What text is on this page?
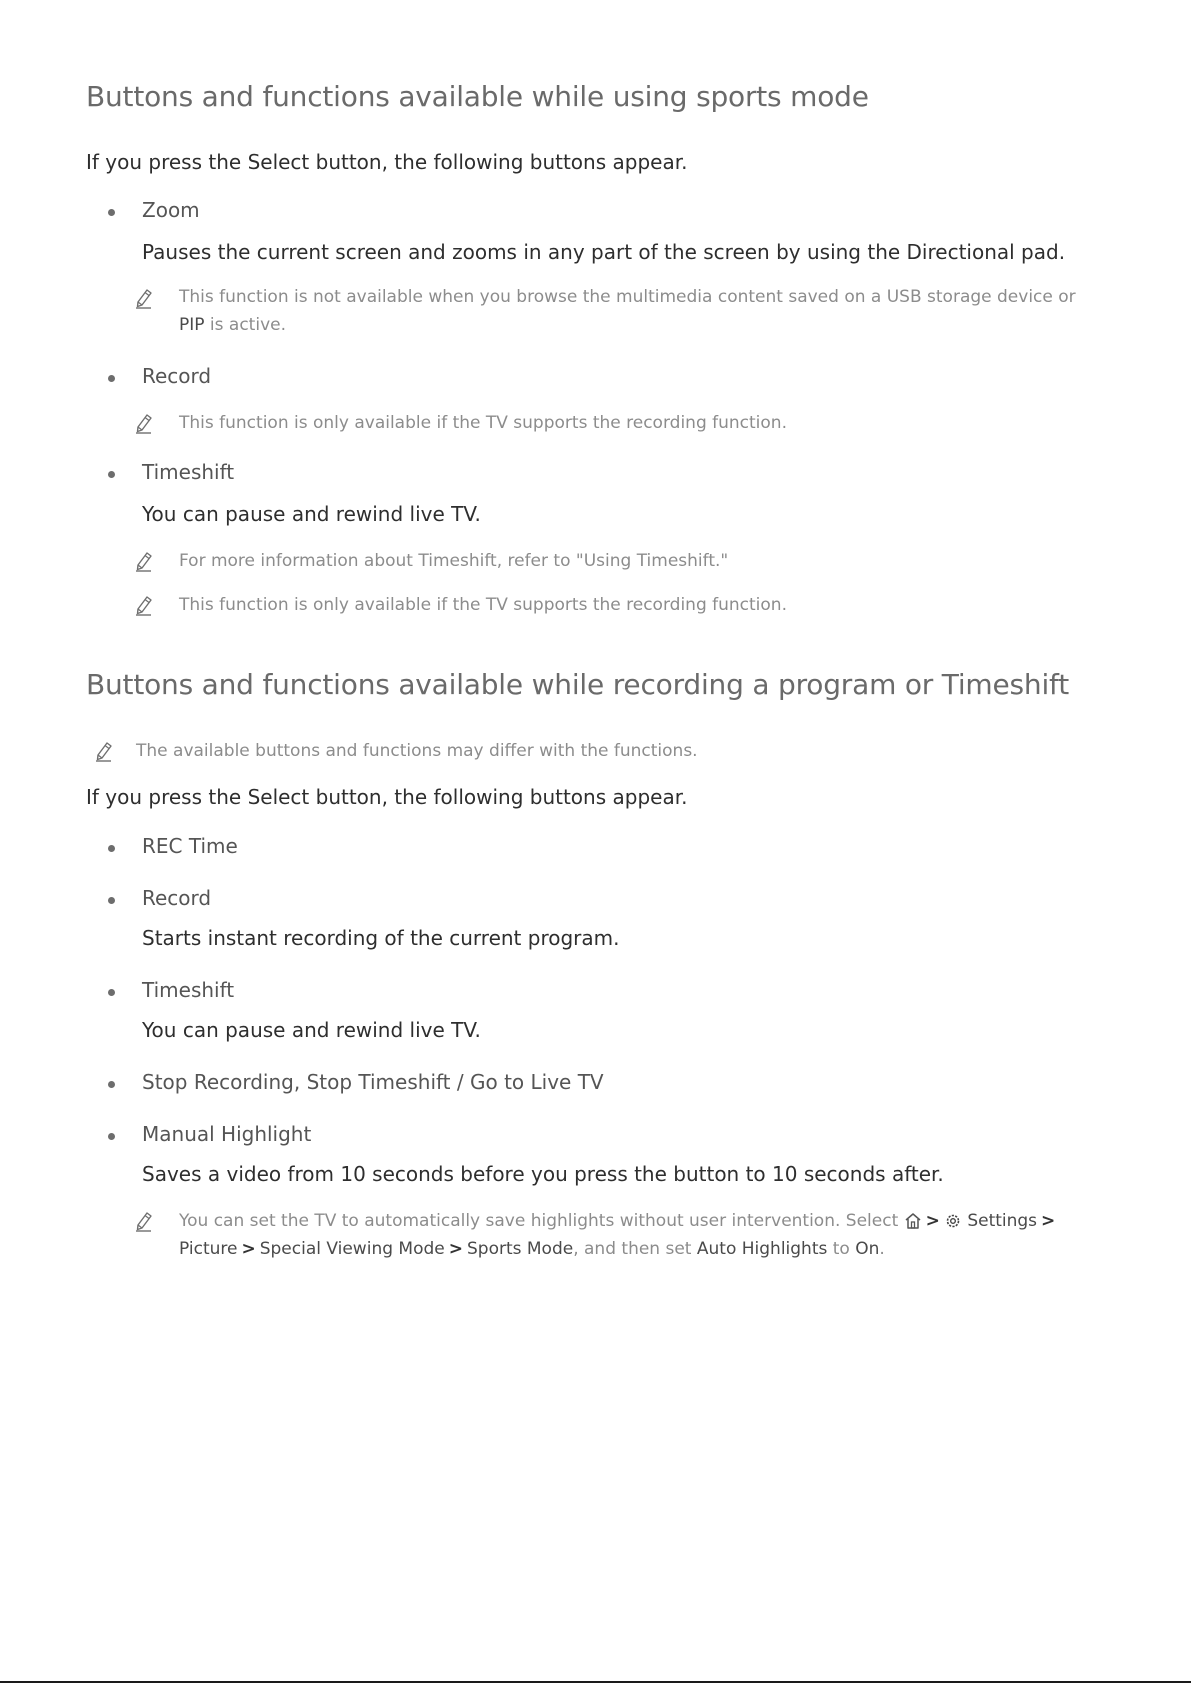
Buttons and functions available while using sports mode

If you press the Select button, the following buttons appear.

Zoom

Pauses the current screen and zooms in any part of the screen by using the Directional pad.

This function is not available when you browse the multimedia content saved on a USB storage device or
PIP is active.
Record
This function is only available if the TV supports the recording function.
Timeshift

You can pause and rewind live TV.

For more information about Timeshift, refer to "Using Timeshift."
This function is only available if the TV supports the recording function.
Buttons and functions available while recording a program or Timeshift
The available buttons and functions may differ with the functions.

If you press the Select button, the following buttons appear.

REC Time
Record

Starts instant recording of the current program.

Timeshift

You can pause and rewind live TV.

Stop Recording, Stop Timeshift / Go to Live TV
Manual Highlight

Saves a video from 10 seconds before you press the button to 10 seconds after.

You can set the TV to automatically save highlights without user intervention. Select > Settings >
Picture > Special Viewing Mode > Sports Mode, and then set Auto Highlights to On.
